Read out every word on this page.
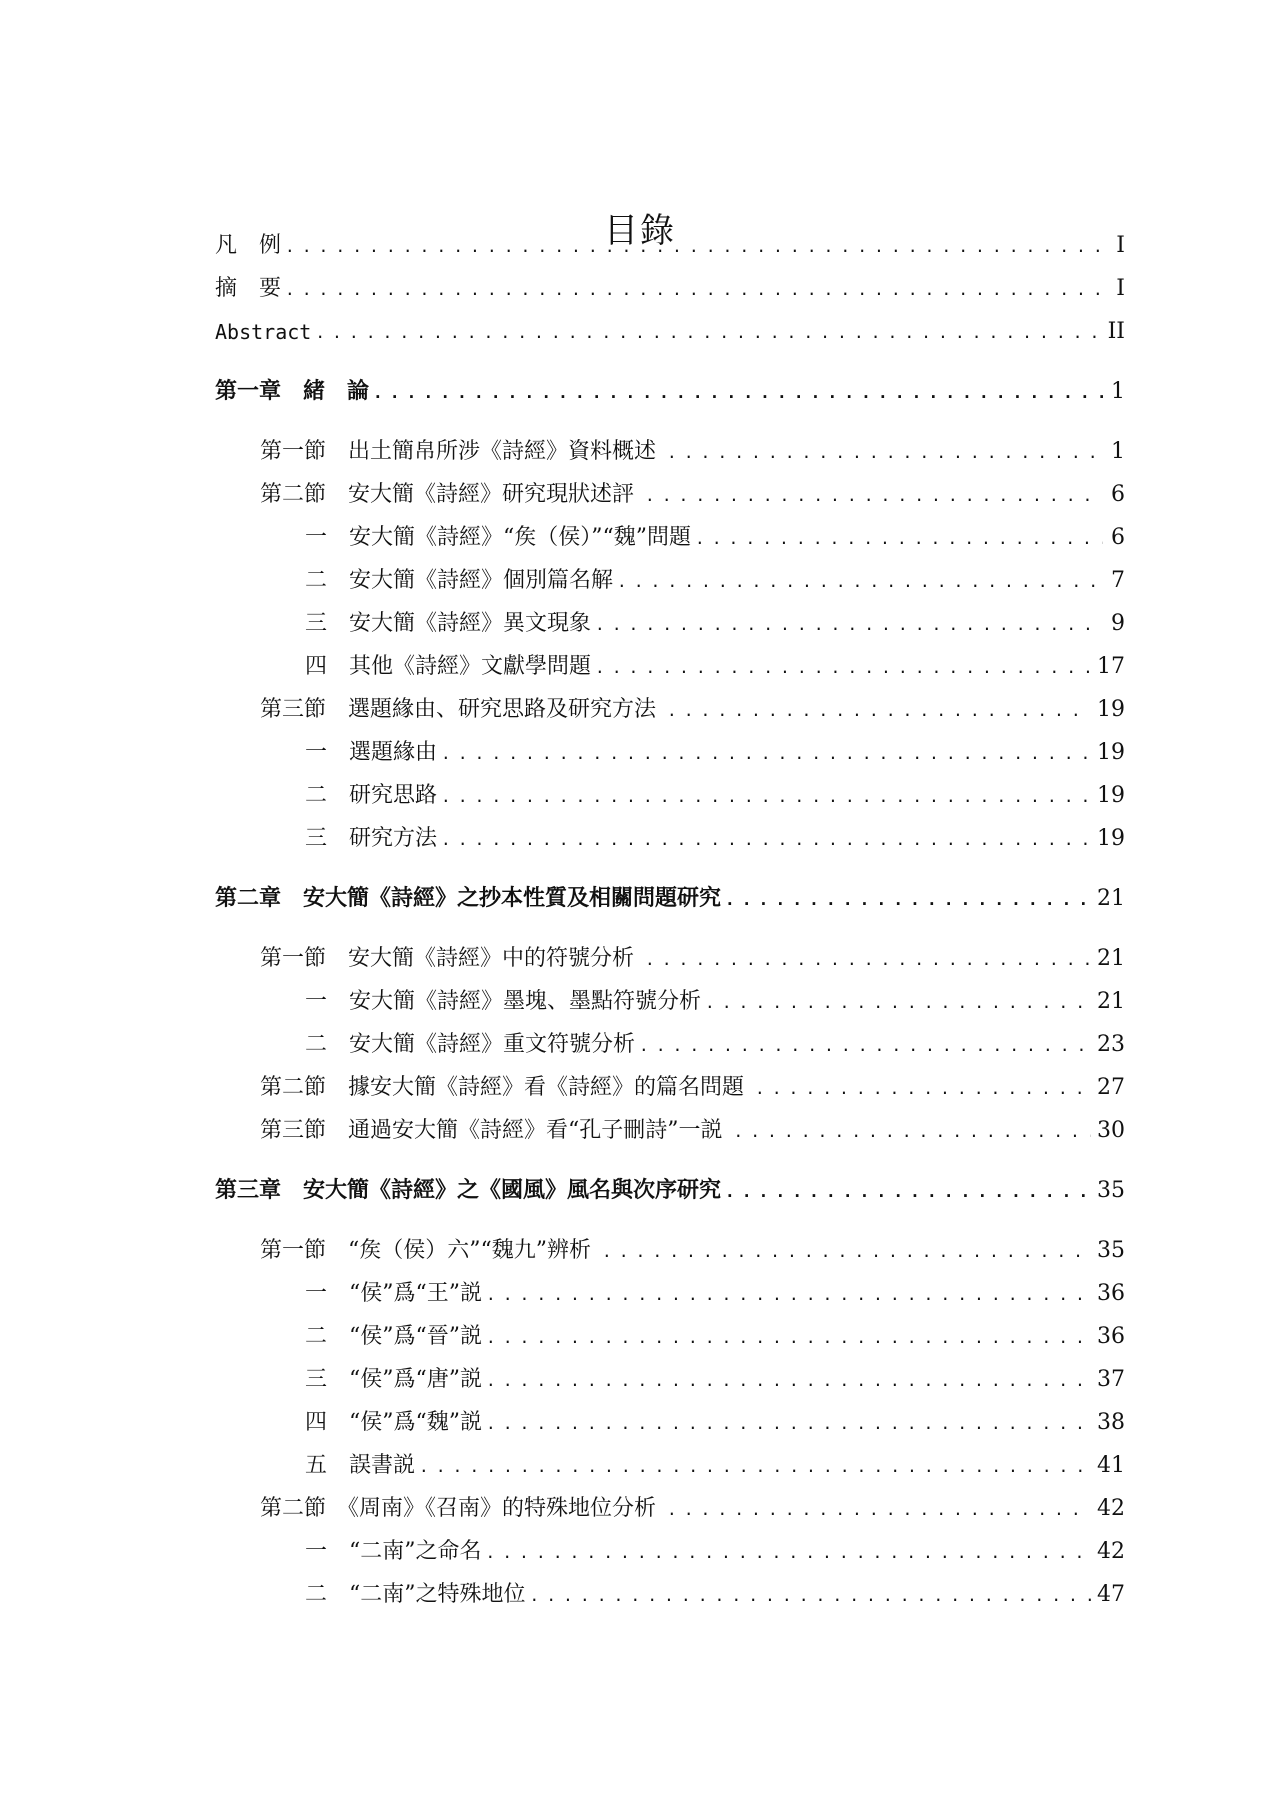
目錄
凡　例 .....	I
摘　要 .....	I
Abstract .....	II
第一章　緒　論 .....	1
第一節　出土簡帛所涉《詩經》資料概述 .....	1
第二節　安大簡《詩經》研究現狀述評 .....	6
一　安大簡《詩經》“矦（侯）”“魏”問題 .....	6
二　安大簡《詩經》個別篇名解 .....	7
三　安大簡《詩經》異文現象 .....	9
四　其他《詩經》文獻學問題 .....	17
第三節　選題緣由、研究思路及研究方法 .....	19
一　選題緣由 .....	19
二　研究思路 .....	19
三　研究方法 .....	19
第二章　安大簡《詩經》之抄本性質及相關問題研究 .....	21
第一節　安大簡《詩經》中的符號分析 .....	21
一　安大簡《詩經》墨塊、墨點符號分析 .....	21
二　安大簡《詩經》重文符號分析 .....	23
第二節　據安大簡《詩經》看《詩經》的篇名問題 .....	27
第三節　通過安大簡《詩經》看“孔子刪詩”一説 .....	30
第三章　安大簡《詩經》之《國風》風名與次序研究 .....	35
第一節　“矦（侯）六”“魏九”辨析 .....	35
一　“侯”爲“王”説 .....	36
二　“侯”爲“晉”説 .....	36
三　“侯”爲“唐”説 .....	37
四　“侯”爲“魏”説 .....	38
五　誤書説 .....	41
第二節　《周南》《召南》的特殊地位分析 .....	42
一　“二南”之命名 .....	42
二　“二南”之特殊地位 .....	47
